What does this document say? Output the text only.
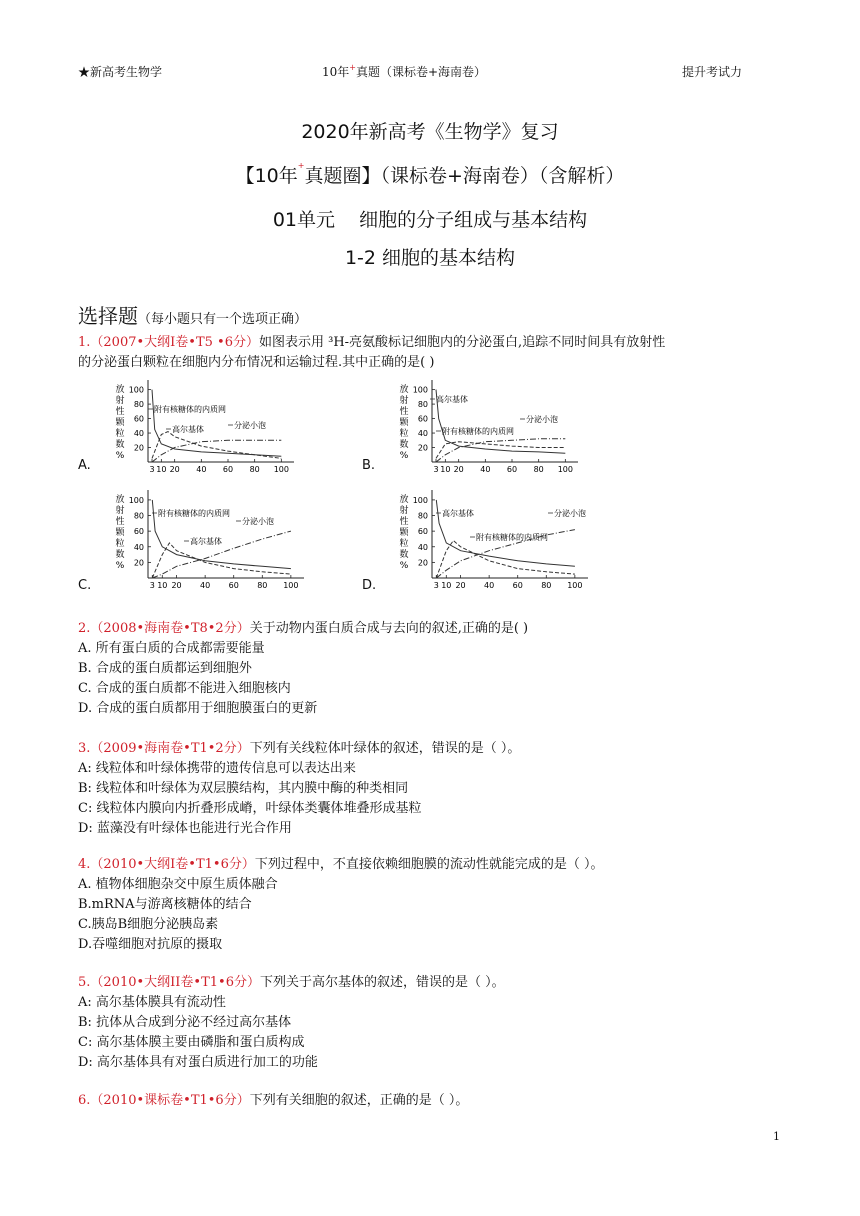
★新高考生物学	10年+真题（课标卷+海南卷）	提升考试力
2020年新高考《生物学》复习
【10年+真题圈】（课标卷+海南卷）（含解析）
01单元    细胞的分子组成与基本结构
1-2 细胞的基本结构
选择题（每小题只有一个选项正确）
1.（2007•大纲Ⅰ卷•T5 •6分）如图表示用 ³H-亮氨酸标记细胞内的分泌蛋白,追踪不同时间具有放射性
的分泌蛋白颗粒在细胞内分布情况和运输过程.其中正确的是( )
A.	B.
C.	D.
100
80
60
40
20
3 10 20 40 60 80 100
放
射
性
颗
粒
数
%
附有核糖体的内质网
高尔基体	分泌小泡
100
80
60
40
20
3 10 20 40 60 80 100
放
射
性
颗
粒
数
%
高尔基体
分泌小泡
附有核糖体的内质网
100
80
60
40
20
3 10 20 40 60 80 100
放
射
性
颗
粒
数
%
附有核糖体的内质网
分泌小泡
高尔基体
100
80
60
40
20
3 10 20 40 60 80 100
放
射
性
颗
粒
数
%
高尔基体	分泌小泡
附有核糖体的内质网
2.（2008•海南卷•T8•2分）关于动物内蛋白质合成与去向的叙述,正确的是( )
A. 所有蛋白质的合成都需要能量
B. 合成的蛋白质都运到细胞外
C. 合成的蛋白质都不能进入细胞核内
D. 合成的蛋白质都用于细胞膜蛋白的更新
3.（2009•海南卷•T1•2分）下列有关线粒体叶绿体的叙述，错误的是（ ）。
A: 线粒体和叶绿体携带的遗传信息可以表达出来
B: 线粒体和叶绿体为双层膜结构，其内膜中酶的种类相同
C: 线粒体内膜向内折叠形成嵴，叶绿体类囊体堆叠形成基粒
D: 蓝藻没有叶绿体也能进行光合作用
4.（2010•大纲Ⅰ卷•T1•6分）下列过程中，不直接依赖细胞膜的流动性就能完成的是（ ）。
A. 植物体细胞杂交中原生质体融合
B.mRNA与游离核糖体的结合
C.胰岛B细胞分泌胰岛素
D.吞噬细胞对抗原的摄取
5.（2010•大纲II卷•T1•6分）下列关于高尔基体的叙述，错误的是（ ）。
A: 高尔基体膜具有流动性
B: 抗体从合成到分泌不经过高尔基体
C: 高尔基体膜主要由磷脂和蛋白质构成
D: 高尔基体具有对蛋白质进行加工的功能
6.（2010•课标卷•T1•6分）下列有关细胞的叙述，正确的是（ ）。
1
